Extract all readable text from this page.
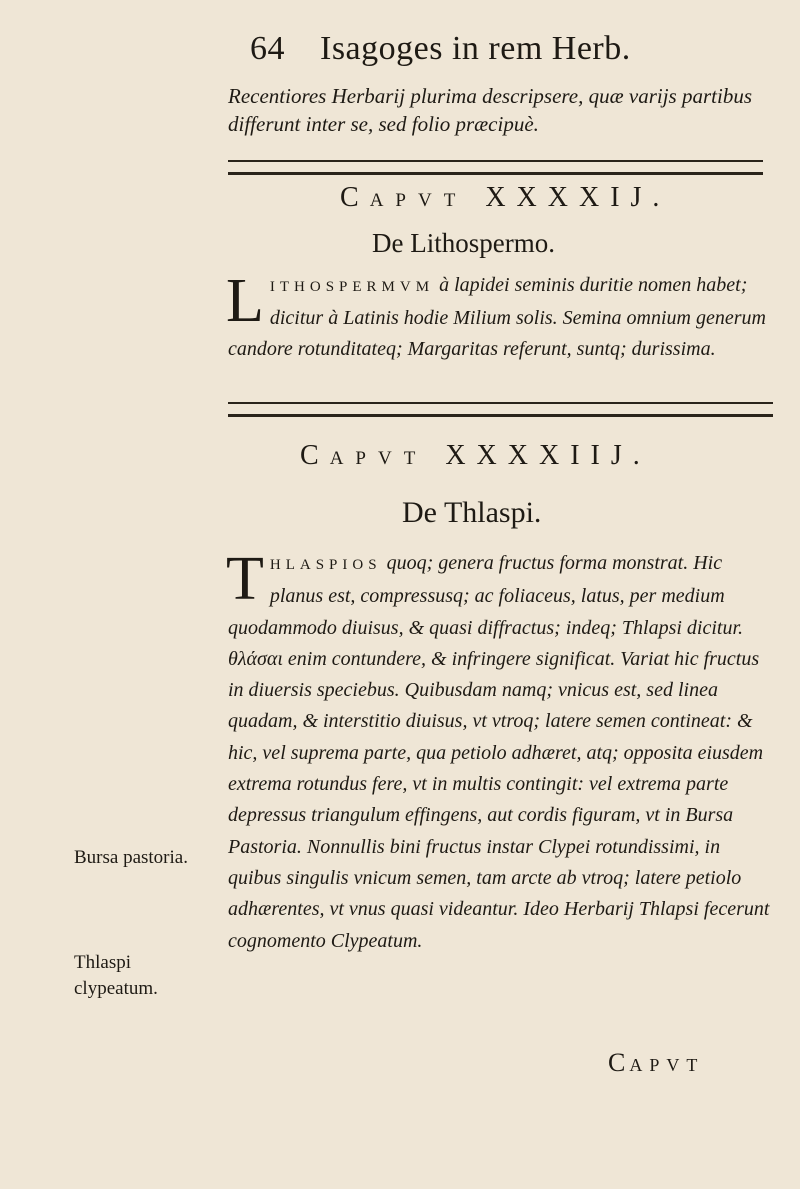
64 Isagoges in rem Herb.
Recentiores Herbarij plurima descripsere, quæ varijs partibus differunt inter se, sed folio præcipuè.
CAPVT XXXXIJ.
De Lithospermo.
L ITHOSPERMVM à lapidei seminis duritie nomen habet; dicitur à Latinis hodie Milium solis. Semina omnium generum candore rotunditateq; Margaritas referunt, suntq; durissima.
CAPVT XXXXIIJ.
De Thlaspi.
T HLASPIOS quoq; genera fructus forma monstrat. Hic planus est, compressusq; ac foliaceus, latus, per medium quodammodo diuisus, & quasi diffractus; indeq; Thlapsi dicitur. θλάσαι enim contundere, & infringere significat. Variat hic fructus in diuersis speciebus. Quibusdam namq; vnicus est, sed linea quadam, & interstitio diuisus, vt vtroq; latere semen contineat: & hic, vel suprema parte, qua petiolo adhæret, atq; opposita eiusdem extrema rotundus fere, vt in multis contingit: vel extrema parte depressus triangulum effingens, aut cordis figuram, vt in Bursa Pastoria. Nonnullis bini fructus instar Clypei rotundissimi, in quibus singulis vnicum semen, tam arcte ab vtroq; latere petiolo adhærentes, vt vnus quasi videantur. Ideo Herbarij Thlapsi fecerunt cognomento Clypeatum.
Bursa pastoria.
Thlaspi clypeatum.
CAPVT
